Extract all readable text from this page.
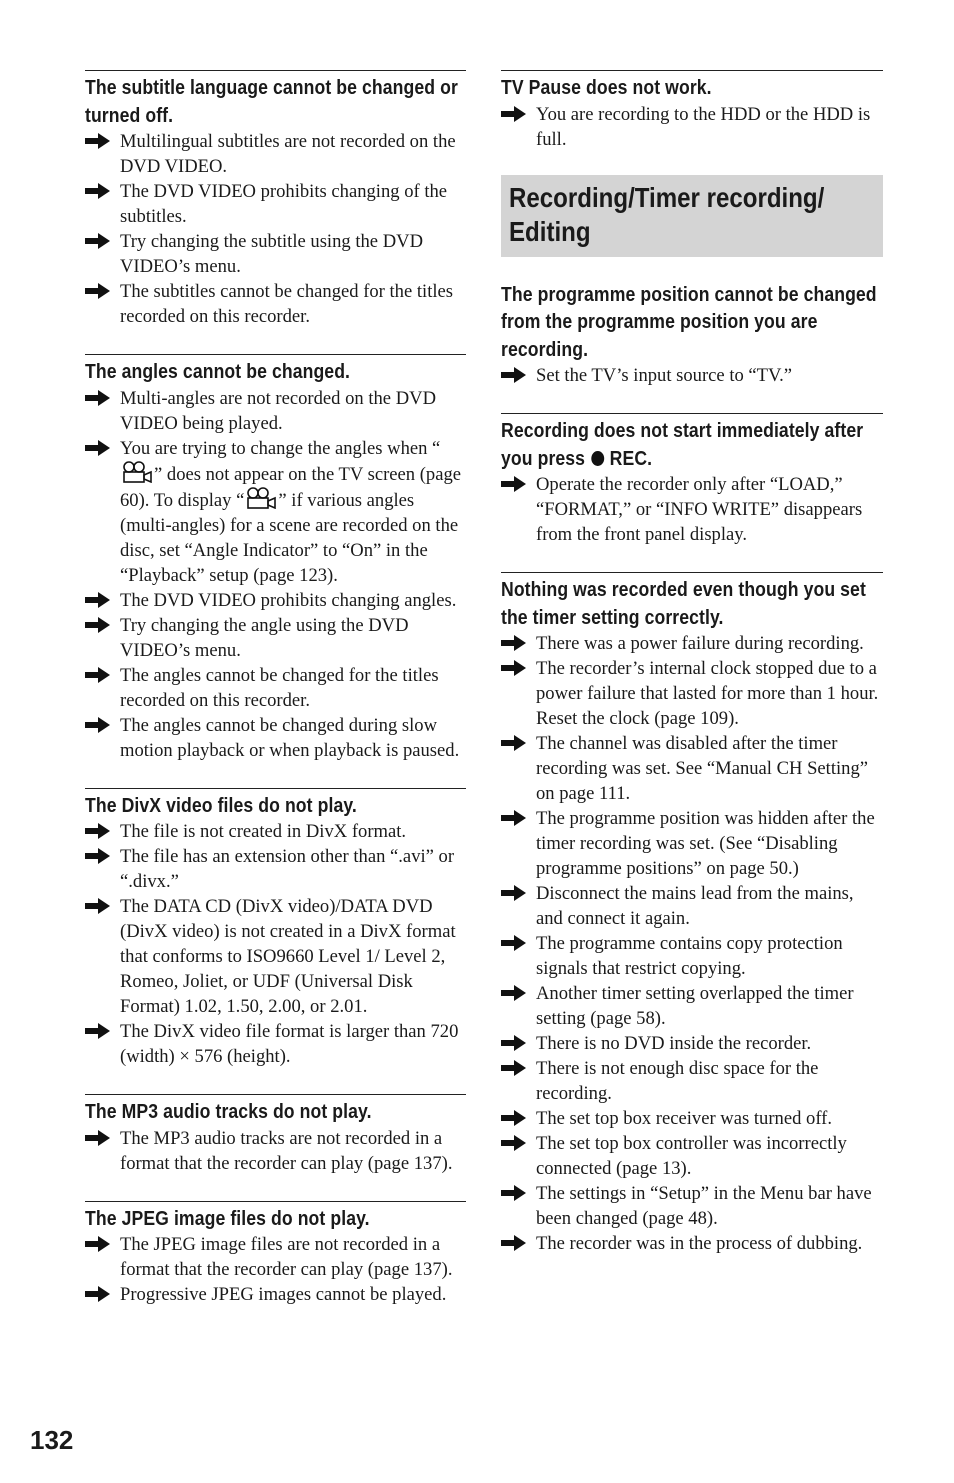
The subtitle language cannot be changed or turned off.
Multilingual subtitles are not recorded on the DVD VIDEO.
The DVD VIDEO prohibits changing of the subtitles.
Try changing the subtitle using the DVD VIDEO’s menu.
The subtitles cannot be changed for the titles recorded on this recorder.
The angles cannot be changed.
Multi-angles are not recorded on the DVD VIDEO being played.
You are trying to change the angles when “” does not appear on the TV screen (page 60). To display “ ” if various angles (multi-angles) for a scene are recorded on the disc, set “Angle Indicator” to “On” in the “Playback” setup (page 123).
The DVD VIDEO prohibits changing angles.
Try changing the angle using the DVD VIDEO’s menu.
The angles cannot be changed for the titles recorded on this recorder.
The angles cannot be changed during slow motion playback or when playback is paused.
The DivX video files do not play.
The file is not created in DivX format.
The file has an extension other than “.avi” or “.divx.”
The DATA CD (DivX video)/DATA DVD (DivX video) is not created in a DivX format that conforms to ISO9660 Level 1/ Level 2, Romeo, Joliet, or UDF (Universal Disk Format) 1.02, 1.50, 2.00, or 2.01.
The DivX video file format is larger than 720 (width) × 576 (height).
The MP3 audio tracks do not play.
The MP3 audio tracks are not recorded in a format that the recorder can play (page 137).
The JPEG image files do not play.
The JPEG image files are not recorded in a format that the recorder can play (page 137).
Progressive JPEG images cannot be played.
TV Pause does not work.
You are recording to the HDD or the HDD is full.
Recording/Timer recording/ Editing
The programme position cannot be changed from the programme position you are recording.
Set the TV’s input source to “TV.”
Recording does not start immediately after you press  REC.
Operate the recorder only after “LOAD,” “FORMAT,” or “INFO WRITE” disappears from the front panel display.
Nothing was recorded even though you set the timer setting correctly.
There was a power failure during recording.
The recorder’s internal clock stopped due to a power failure that lasted for more than 1 hour. Reset the clock (page 109).
The channel was disabled after the timer recording was set. See “Manual CH Setting” on page 111.
The programme position was hidden after the timer recording was set. (See “Disabling programme positions” on page 50.)
Disconnect the mains lead from the mains, and connect it again.
The programme contains copy protection signals that restrict copying.
Another timer setting overlapped the timer setting (page 58).
There is no DVD inside the recorder.
There is not enough disc space for the recording.
The set top box receiver was turned off.
The set top box controller was incorrectly connected (page 13).
The settings in “Setup” in the Menu bar have been changed (page 48).
The recorder was in the process of dubbing.
132
